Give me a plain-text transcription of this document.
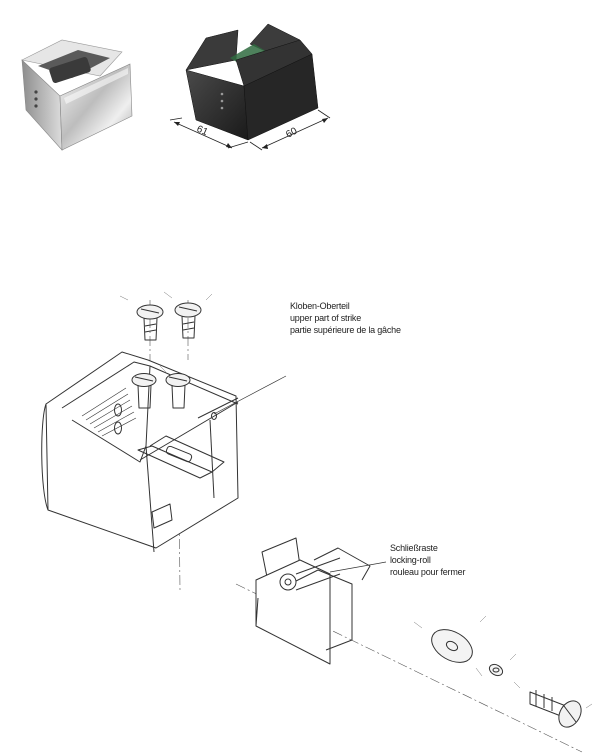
61	60
Kloben-Oberteil
upper part of strike
partie supérieure de la gâche
Schließraste
locking-roll
rouleau pour fermer
